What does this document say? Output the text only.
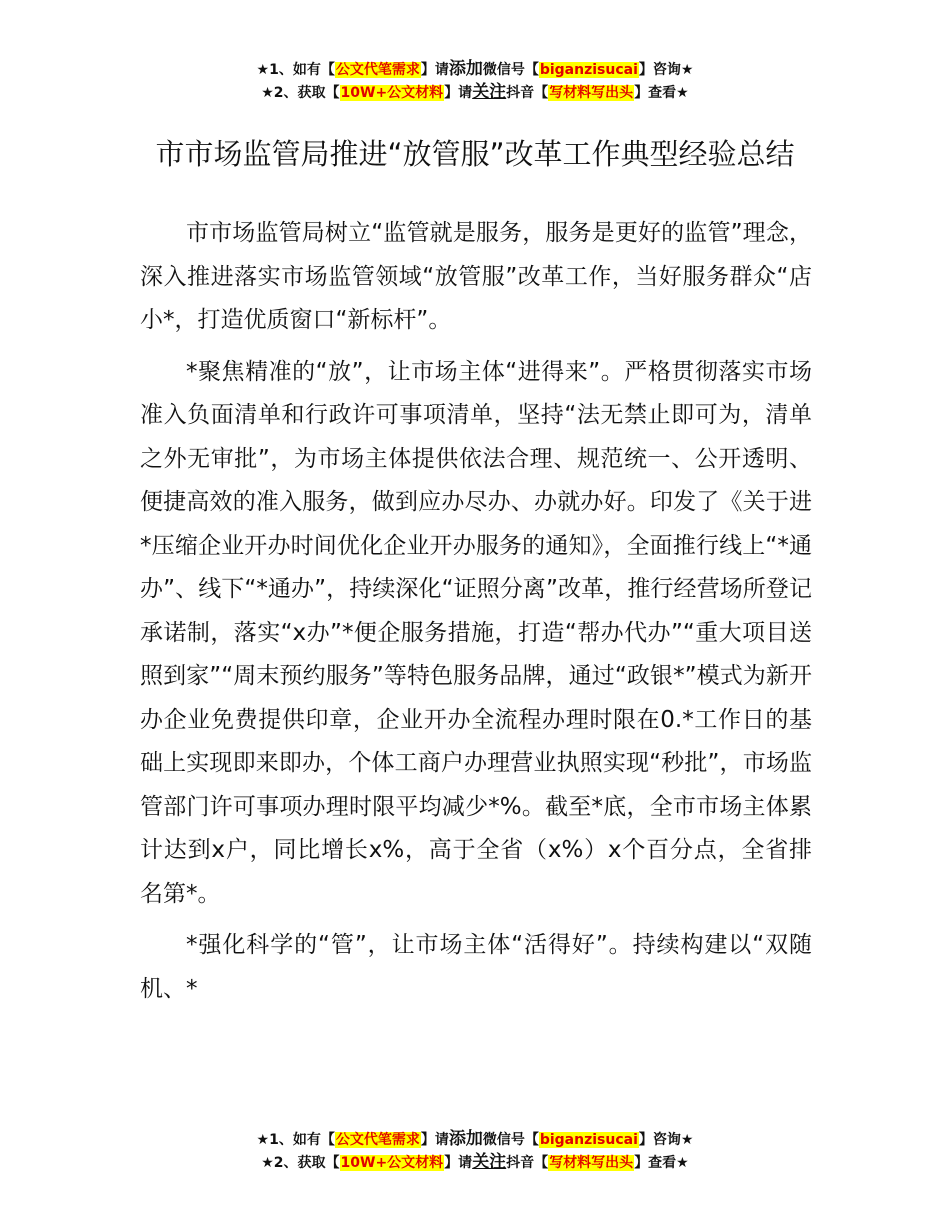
★1、如有【公文代笔需求】请添加微信号【biganzisucai】咨询★
★2、获取【10W+公文材料】请关注抖音【写材料写出头】查看★
市市场监管局推进“放管服”改革工作典型经验总结

市市场监管局树立“监管就是服务，服务是更好的监管”理念，深入推进落实市场监管领域“放管服”改革工作，当好服务群众“店小*，打造优质窗口“新标杆”。

*聚焦精准的“放”，让市场主体“进得来”。严格贯彻落实市场准入负面清单和行政许可事项清单，坚持“法无禁止即可为，清单之外无审批”，为市场主体提供依法合理、规范统一、公开透明、便捷高效的准入服务，做到应办尽办、办就办好。印发了《关于进*压缩企业开办时间优化企业开办服务的通知》，全面推行线上“*通办”、线下“*通办”，持续深化“证照分离”改革，推行经营场所登记承诺制，落实“x办”*便企服务措施，打造“帮办代办”“重大项目送照到家”“周末预约服务”等特色服务品牌，通过“政银*”模式为新开办企业免费提供印章，企业开办全流程办理时限在0.*工作日的基础上实现即来即办，个体工商户办理营业执照实现“秒批”，市场监管部门许可事项办理时限平均减少*%。截至*底，全市市场主体累计达到x户，同比增长x%，高于全省（x%）x个百分点，全省排名第*。

*强化科学的“管”，让市场主体“活得好”。持续构建以“双随机、*

★1、如有【公文代笔需求】请添加微信号【biganzisucai】咨询★
★2、获取【10W+公文材料】请关注抖音【写材料写出头】查看★
